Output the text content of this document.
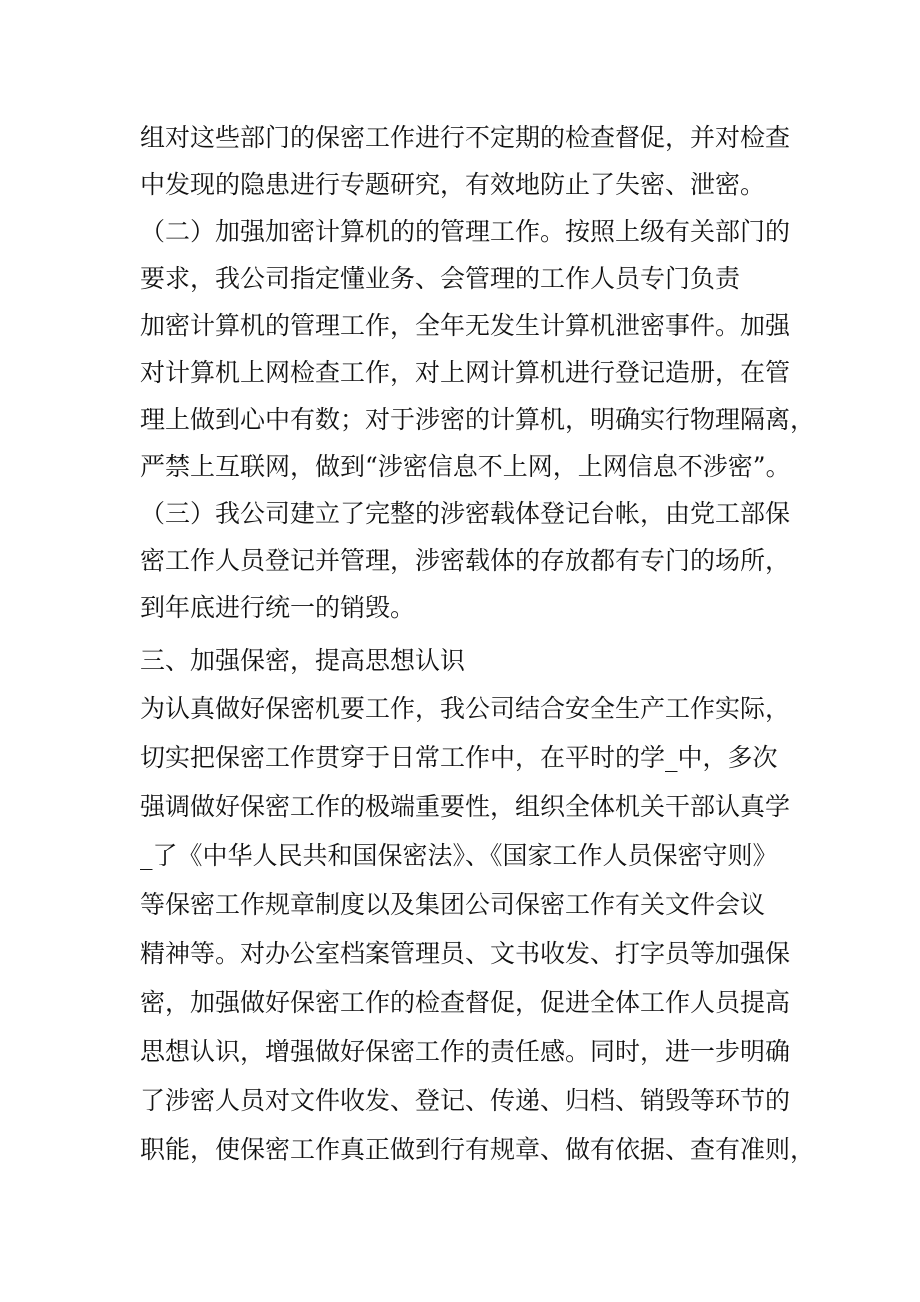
组对这些部门的保密工作进行不定期的检查督促，并对检查
中发现的隐患进行专题研究，有效地防止了失密、泄密。
（二）加强加密计算机的的管理工作。按照上级有关部门的
要求，我公司指定懂业务、会管理的工作人员专门负责
加密计算机的管理工作，全年无发生计算机泄密事件。加强
对计算机上网检查工作，对上网计算机进行登记造册，在管
理上做到心中有数；对于涉密的计算机，明确实行物理隔离，
严禁上互联网，做到“涉密信息不上网，上网信息不涉密”。
（三）我公司建立了完整的涉密载体登记台帐，由党工部保
密工作人员登记并管理，涉密载体的存放都有专门的场所，
到年底进行统一的销毁。
三、加强保密，提高思想认识
为认真做好保密机要工作，我公司结合安全生产工作实际，
切实把保密工作贯穿于日常工作中，在平时的学_中，多次
强调做好保密工作的极端重要性，组织全体机关干部认真学
_了《中华人民共和国保密法》、《国家工作人员保密守则》
等保密工作规章制度以及集团公司保密工作有关文件会议
精神等。对办公室档案管理员、文书收发、打字员等加强保
密，加强做好保密工作的检查督促，促进全体工作人员提高
思想认识，增强做好保密工作的责任感。同时，进一步明确
了涉密人员对文件收发、登记、传递、归档、销毁等环节的
职能，使保密工作真正做到行有规章、做有依据、查有准则，
